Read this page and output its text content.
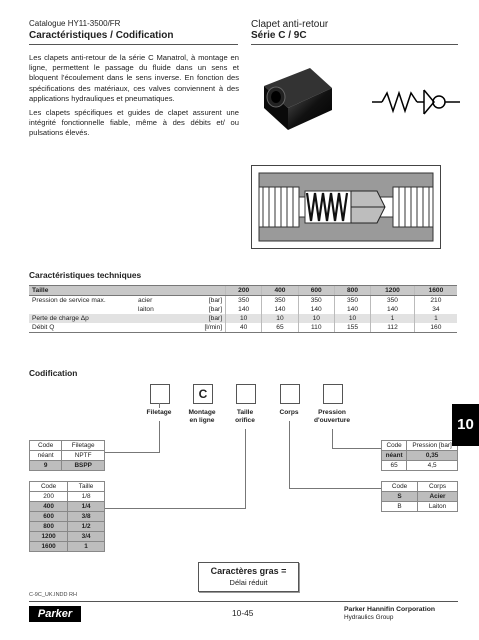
Catalogue HY11-3500/FR
Caractéristiques / Codification
Clapet anti-retour
Série C / 9C

Les clapets anti-retour de la série C Manatrol, à montage en ligne, permettent le passage du fluide dans un sens et bloquent l'écoulement dans le sens inverse. En fonction des spécifications des matériaux, ces valves conviennent à des applications hydrauliques et pneumatiques.

Les clapets spécifiques et guides de clapet assurent une intégrité fonctionnelle fiable, même à des débits et/ ou pulsations élevés.

Caractéristiques techniques
Taille			200	400	600	800	1200	1600
Pression de service max.	acier	[bar]	350	350	350	350	350	210
	laiton	[bar]	140	140	140	140	140	34
Perte de charge Δp		[bar]	10	10	10	10	1	1
Débit Q		[l/min]	40	65	110	155	112	160
Codification
C
Filetage	Montage
en ligne
Taille
orifice
Corps	Pression
d'ouverture
Code	Filetage
néant	NPTF
9	BSPP
Code	Taille
200	1/8
400	1/4
600	3/8
800	1/2
1200	3/4
1600	1
Code	Pression [bar]
néant	0,35
65	4,5
Code	Corps
S	Acier
B	Laiton
10
Caractères gras =
Délai réduit
C-9C_UK.INDD RH
Parker	10-45	Parker Hannifin Corporation
Hydraulics Group
